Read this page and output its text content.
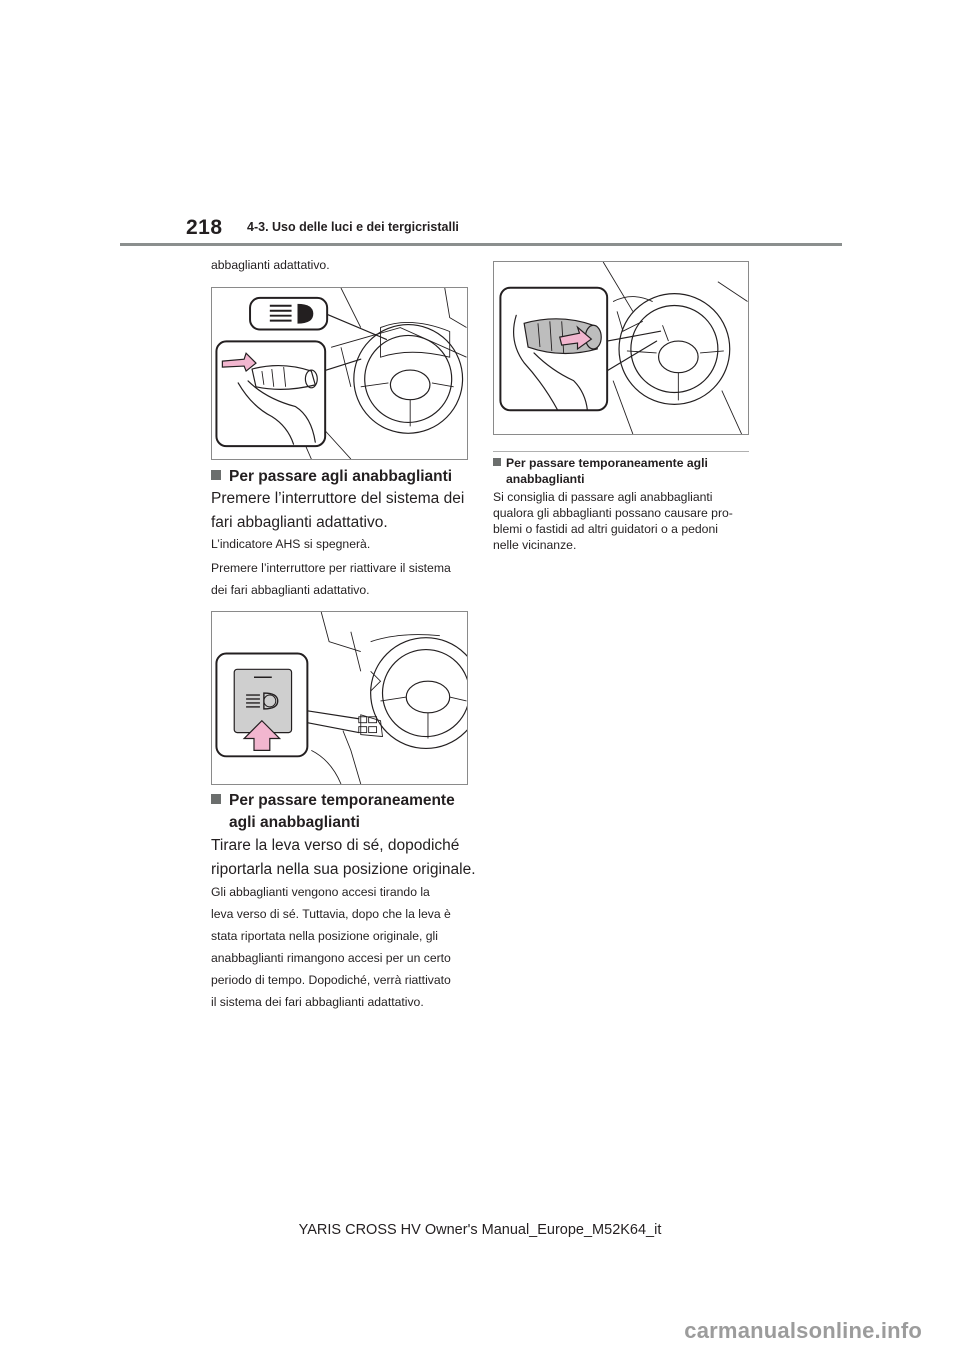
218 4-3. Uso delle luci e dei tergicristalli
abbaglianti adattativo.
Per passare agli anabbaglianti
Premere l’interruttore del sistema dei
fari abbaglianti adattativo.
L’indicatore AHS si spegnerà.
Premere l’interruttore per riattivare il sistema
dei fari abbaglianti adattativo.
Per passare temporaneamente
agli anabbaglianti
Tirare la leva verso di sé, dopodiché
riportarla nella sua posizione originale.
Gli abbaglianti vengono accesi tirando la
leva verso di sé. Tuttavia, dopo che la leva è
stata riportata nella posizione originale, gli
anabbaglianti rimangono accesi per un certo
periodo di tempo. Dopodiché, verrà riattivato
il sistema dei fari abbaglianti adattativo.
Per passare temporaneamente agli
anabbaglianti
Si consiglia di passare agli anabbaglianti
qualora gli abbaglianti possano causare pro-
blemi o fastidi ad altri guidatori o a pedoni
nelle vicinanze.
YARIS CROSS HV Owner's Manual_Europe_M52K64_it
carmanualsonline.info
